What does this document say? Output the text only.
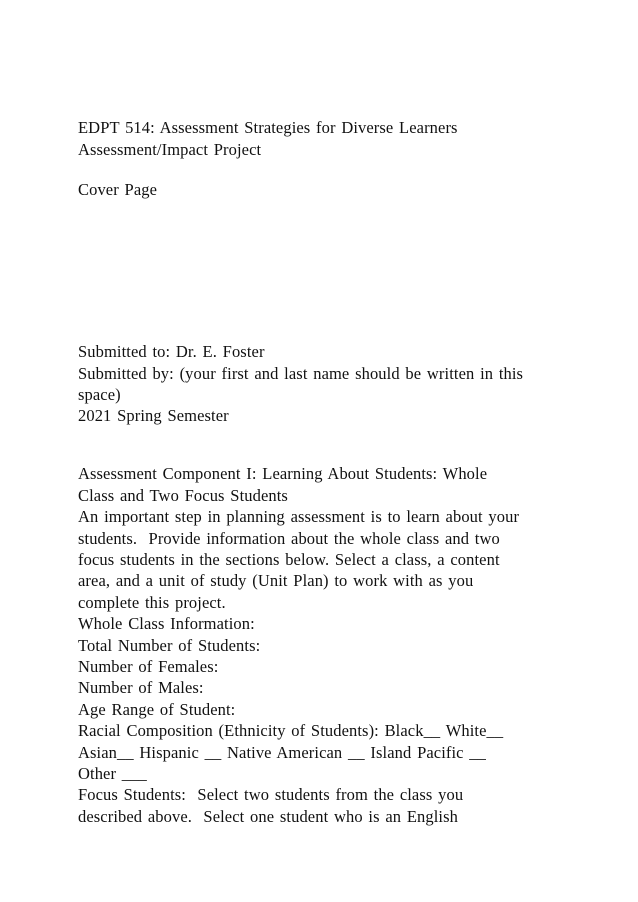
EDPT 514: Assessment Strategies for Diverse Learners
Assessment/Impact Project
Cover Page
Submitted to: Dr. E. Foster
Submitted by: (your first and last name should be written in this
space)
2021 Spring Semester
Assessment Component I: Learning About Students: Whole
Class and Two Focus Students
An important step in planning assessment is to learn about your
students.  Provide information about the whole class and two
focus students in the sections below. Select a class, a content
area, and a unit of study (Unit Plan) to work with as you
complete this project.
Whole Class Information:
Total Number of Students:
Number of Females:
Number of Males:
Age Range of Student:
Racial Composition (Ethnicity of Students): Black__ White__
Asian__ Hispanic __ Native American __ Island Pacific __
Other ___
Focus Students:  Select two students from the class you
described above.  Select one student who is an English
